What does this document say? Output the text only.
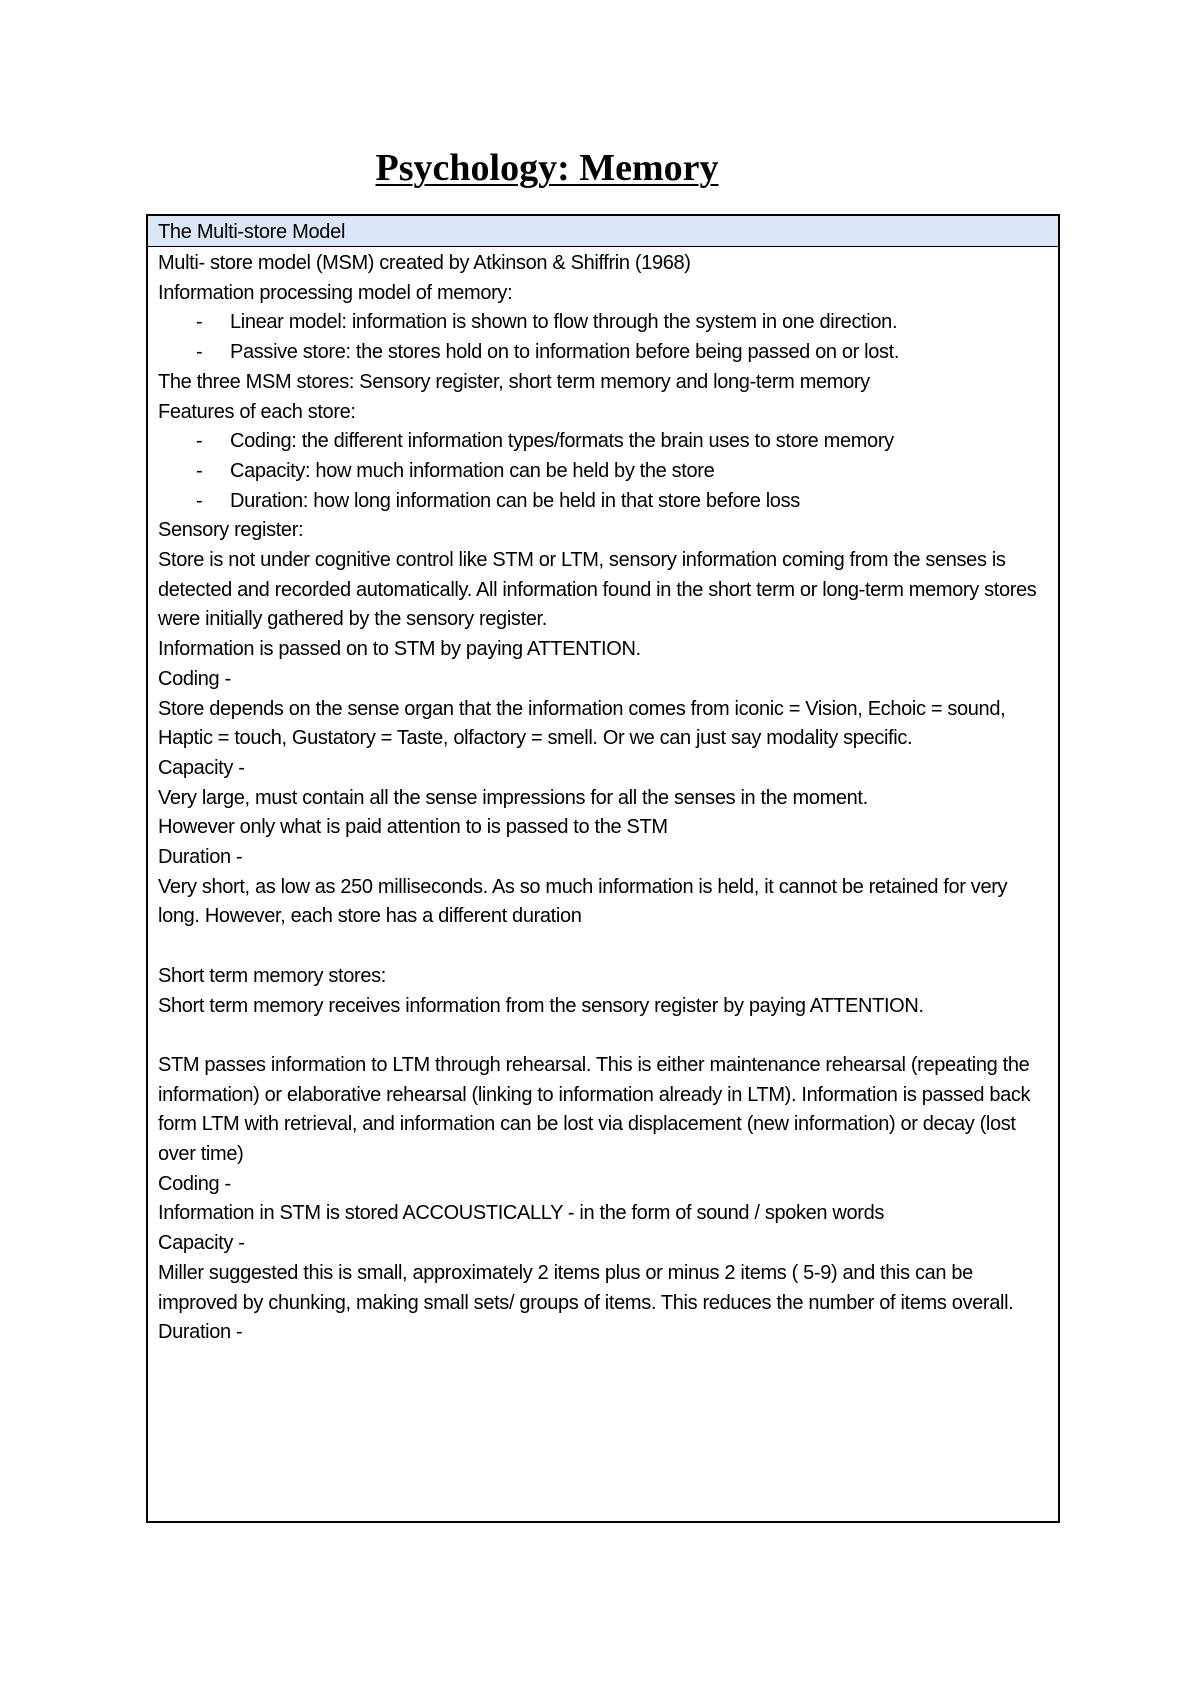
Psychology: Memory
The Multi-store Model
Multi- store model (MSM) created by Atkinson & Shiffrin (1968)
Information processing model of memory:
-	Linear model: information is shown to flow through the system in one direction.
-	Passive store: the stores hold on to information before being passed on or lost.
The three MSM stores: Sensory register, short term memory and long-term memory
Features of each store:
-	Coding: the different information types/formats the brain uses to store memory
-	Capacity: how much information can be held by the store
-	Duration: how long information can be held in that store before loss
Sensory register:
Store is not under cognitive control like STM or LTM, sensory information coming from the senses is detected and recorded automatically. All information found in the short term or long-term memory stores were initially gathered by the sensory register.
Information is passed on to STM by paying ATTENTION.
Coding -
Store depends on the sense organ that the information comes from iconic = Vision, Echoic = sound, Haptic = touch, Gustatory = Taste, olfactory = smell. Or we can just say modality specific.
Capacity -
Very large, must contain all the sense impressions for all the senses in the moment.
However only what is paid attention to is passed to the STM
Duration -
Very short, as low as 250 milliseconds. As so much information is held, it cannot be retained for very long. However, each store has a different duration
Short term memory stores:
Short term memory receives information from the sensory register by paying ATTENTION.
STM passes information to LTM through rehearsal. This is either maintenance rehearsal (repeating the information) or elaborative rehearsal (linking to information already in LTM). Information is passed back form LTM with retrieval, and information can be lost via displacement (new information) or decay (lost over time)
Coding -
Information in STM is stored ACCOUSTICALLY - in the form of sound / spoken words
Capacity -
Miller suggested this is small, approximately 2 items plus or minus 2 items ( 5-9) and this can be improved by chunking, making small sets/ groups of items. This reduces the number of items overall.
Duration -
